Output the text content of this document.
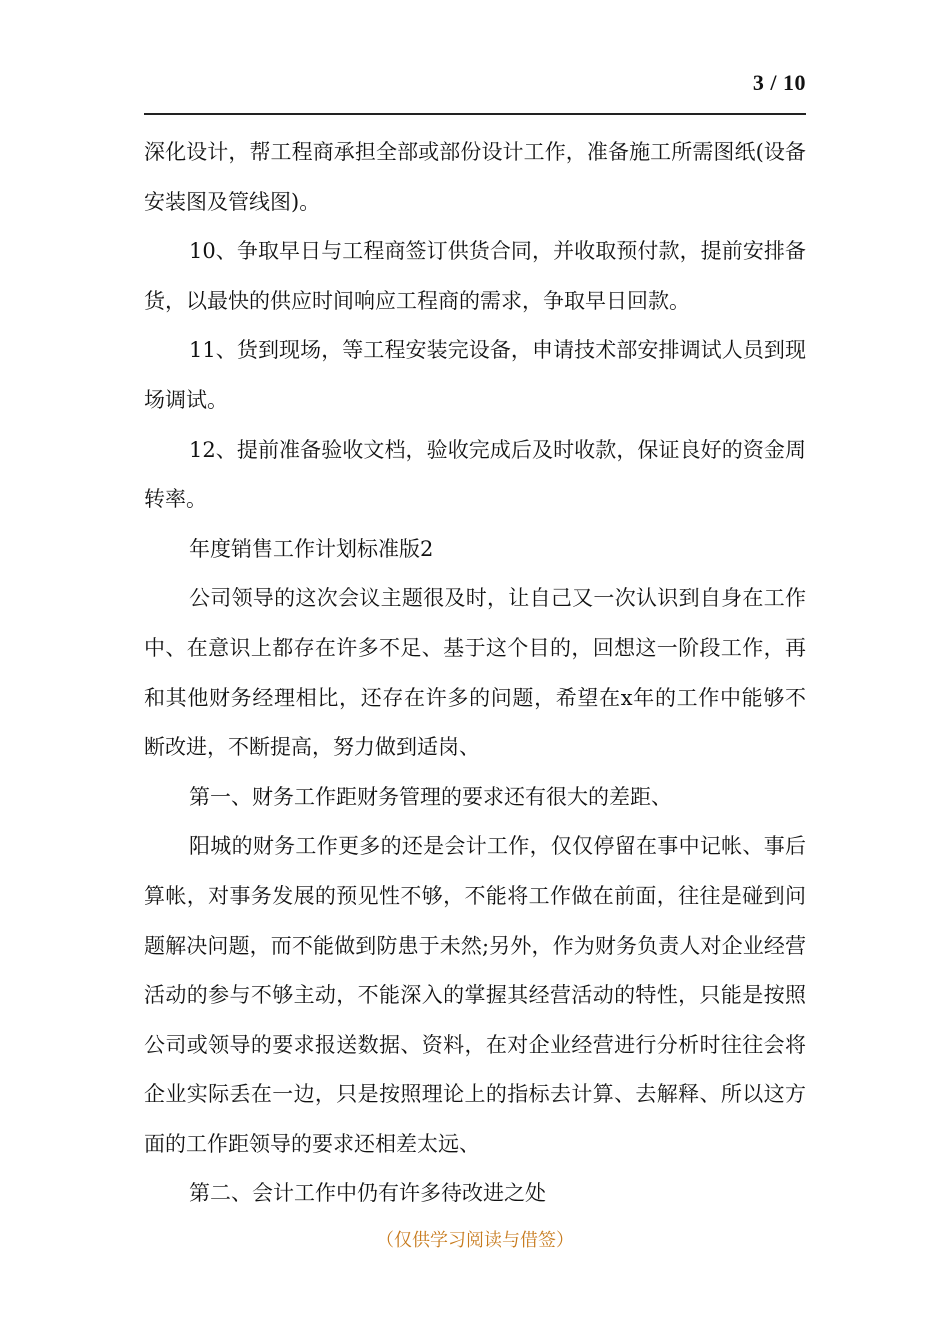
3 / 10

深化设计，帮工程商承担全部或部份设计工作，准备施工所需图纸(设备安装图及管线图)。

10、争取早日与工程商签订供货合同，并收取预付款，提前安排备货，以最快的供应时间响应工程商的需求，争取早日回款。

11、货到现场，等工程安装完设备，申请技术部安排调试人员到现场调试。

12、提前准备验收文档，验收完成后及时收款，保证良好的资金周转率。

年度销售工作计划标准版2

公司领导的这次会议主题很及时，让自己又一次认识到自身在工作中、在意识上都存在许多不足、基于这个目的，回想这一阶段工作，再和其他财务经理相比，还存在许多的问题，希望在x年的工作中能够不断改进，不断提高，努力做到适岗、

第一、财务工作距财务管理的要求还有很大的差距、

阳城的财务工作更多的还是会计工作，仅仅停留在事中记帐、事后算帐，对事务发展的预见性不够，不能将工作做在前面，往往是碰到问题解决问题，而不能做到防患于未然;另外，作为财务负责人对企业经营活动的参与不够主动，不能深入的掌握其经营活动的特性，只能是按照公司或领导的要求报送数据、资料，在对企业经营进行分析时往往会将企业实际丢在一边，只是按照理论上的指标去计算、去解释、所以这方面的工作距领导的要求还相差太远、

第二、会计工作中仍有许多待改进之处

（仅供学习阅读与借签）
